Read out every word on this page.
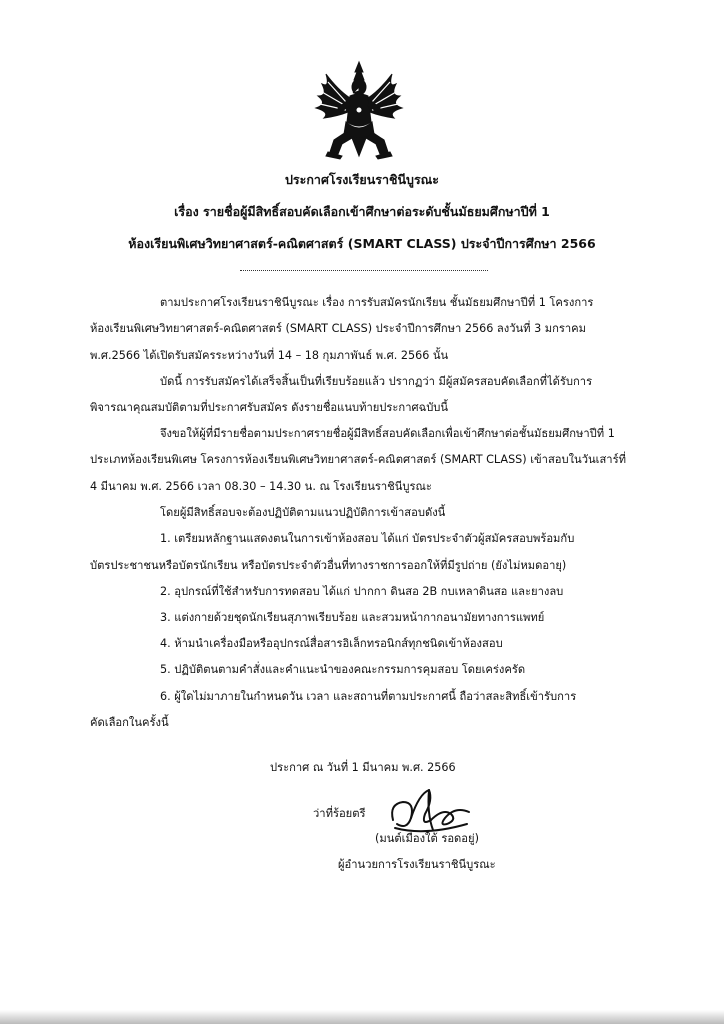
ประกาศโรงเรียนราชินีบูรณะ
เรื่อง รายชื่อผู้มีสิทธิ์สอบคัดเลือกเข้าศึกษาต่อระดับชั้นมัธยมศึกษาปีที่ 1
ห้องเรียนพิเศษวิทยาศาสตร์-คณิตศาสตร์ (SMART CLASS) ประจำปีการศึกษา 2566
ตามประกาศโรงเรียนราชินีบูรณะ เรื่อง การรับสมัครนักเรียน ชั้นมัธยมศึกษาปีที่ 1 โครงการ
ห้องเรียนพิเศษวิทยาศาสตร์-คณิตศาสตร์ (SMART CLASS) ประจำปีการศึกษา 2566 ลงวันที่ 3 มกราคม
พ.ศ.2566 ได้เปิดรับสมัครระหว่างวันที่ 14 – 18 กุมภาพันธ์ พ.ศ. 2566 นั้น
บัดนี้ การรับสมัครได้เสร็จสิ้นเป็นที่เรียบร้อยแล้ว ปรากฏว่า มีผู้สมัครสอบคัดเลือกที่ได้รับการ
พิจารณาคุณสมบัติตามที่ประกาศรับสมัคร ดังรายชื่อแนบท้ายประกาศฉบับนี้
จึงขอให้ผู้ที่มีรายชื่อตามประกาศรายชื่อผู้มีสิทธิ์สอบคัดเลือกเพื่อเข้าศึกษาต่อชั้นมัธยมศึกษาปีที่ 1
ประเภทห้องเรียนพิเศษ โครงการห้องเรียนพิเศษวิทยาศาสตร์-คณิตศาสตร์ (SMART CLASS) เข้าสอบในวันเสาร์ที่
4 มีนาคม พ.ศ. 2566 เวลา 08.30 – 14.30 น. ณ โรงเรียนราชินีบูรณะ
โดยผู้มีสิทธิ์สอบจะต้องปฏิบัติตามแนวปฏิบัติการเข้าสอบดังนี้
1. เตรียมหลักฐานแสดงตนในการเข้าห้องสอบ ได้แก่ บัตรประจำตัวผู้สมัครสอบพร้อมกับ
บัตรประชาชนหรือบัตรนักเรียน หรือบัตรประจำตัวอื่นที่ทางราชการออกให้ที่มีรูปถ่าย (ยังไม่หมดอายุ)
2. อุปกรณ์ที่ใช้สำหรับการทดสอบ ได้แก่ ปากกา ดินสอ 2B กบเหลาดินสอ และยางลบ
3. แต่งกายด้วยชุดนักเรียนสุภาพเรียบร้อย และสวมหน้ากากอนามัยทางการแพทย์
4. ห้ามนำเครื่องมือหรืออุปกรณ์สื่อสารอิเล็กทรอนิกส์ทุกชนิดเข้าห้องสอบ
5. ปฏิบัติตนตามคำสั่งและคำแนะนำของคณะกรรมการคุมสอบ โดยเคร่งครัด
6. ผู้ใดไม่มาภายในกำหนดวัน เวลา และสถานที่ตามประกาศนี้ ถือว่าสละสิทธิ์เข้ารับการ
คัดเลือกในครั้งนี้
ประกาศ ณ วันที่ 1 มีนาคม พ.ศ. 2566
ว่าที่ร้อยตรี
(มนต์เมืองใต้ รอดอยู่)
ผู้อำนวยการโรงเรียนราชินีบูรณะ
